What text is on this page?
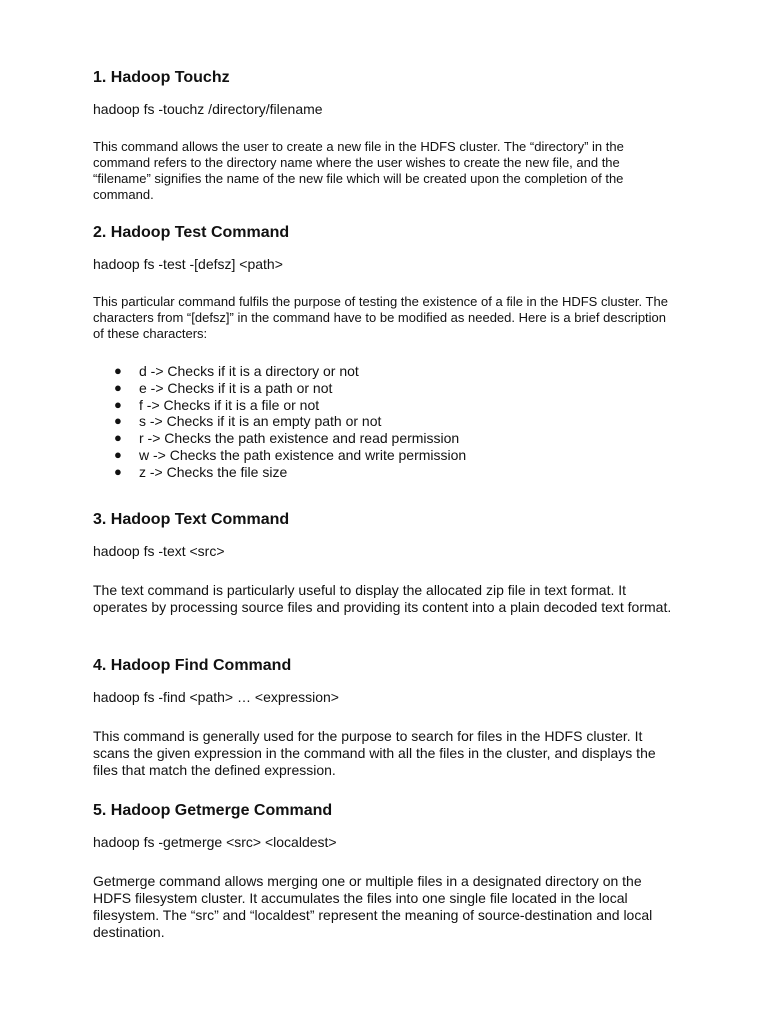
1. Hadoop Touchz

hadoop fs -touchz /directory/filename

This command allows the user to create a new file in the HDFS cluster. The “directory” in the command refers to the directory name where the user wishes to create the new file, and the “filename” signifies the name of the new file which will be created upon the completion of the command.

2. Hadoop Test Command

hadoop fs -test -[defsz] <path>

This particular command fulfils the purpose of testing the existence of a file in the HDFS cluster. The characters from “[defsz]” in the command have to be modified as needed. Here is a brief description of these characters:

● d -> Checks if it is a directory or not
● e -> Checks if it is a path or not
● f -> Checks if it is a file or not
● s -> Checks if it is an empty path or not
● r -> Checks the path existence and read permission
● w -> Checks the path existence and write permission
● z -> Checks the file size
3. Hadoop Text Command

hadoop fs -text <src>

The text command is particularly useful to display the allocated zip file in text format. It operates by processing source files and providing its content into a plain decoded text format.

4. Hadoop Find Command

hadoop fs -find <path> … <expression>

This command is generally used for the purpose to search for files in the HDFS cluster. It scans the given expression in the command with all the files in the cluster, and displays the files that match the defined expression.

5. Hadoop Getmerge Command

hadoop fs -getmerge <src> <localdest>

Getmerge command allows merging one or multiple files in a designated directory on the HDFS filesystem cluster. It accumulates the files into one single file located in the local filesystem. The “src” and “localdest” represent the meaning of source-destination and local destination.
